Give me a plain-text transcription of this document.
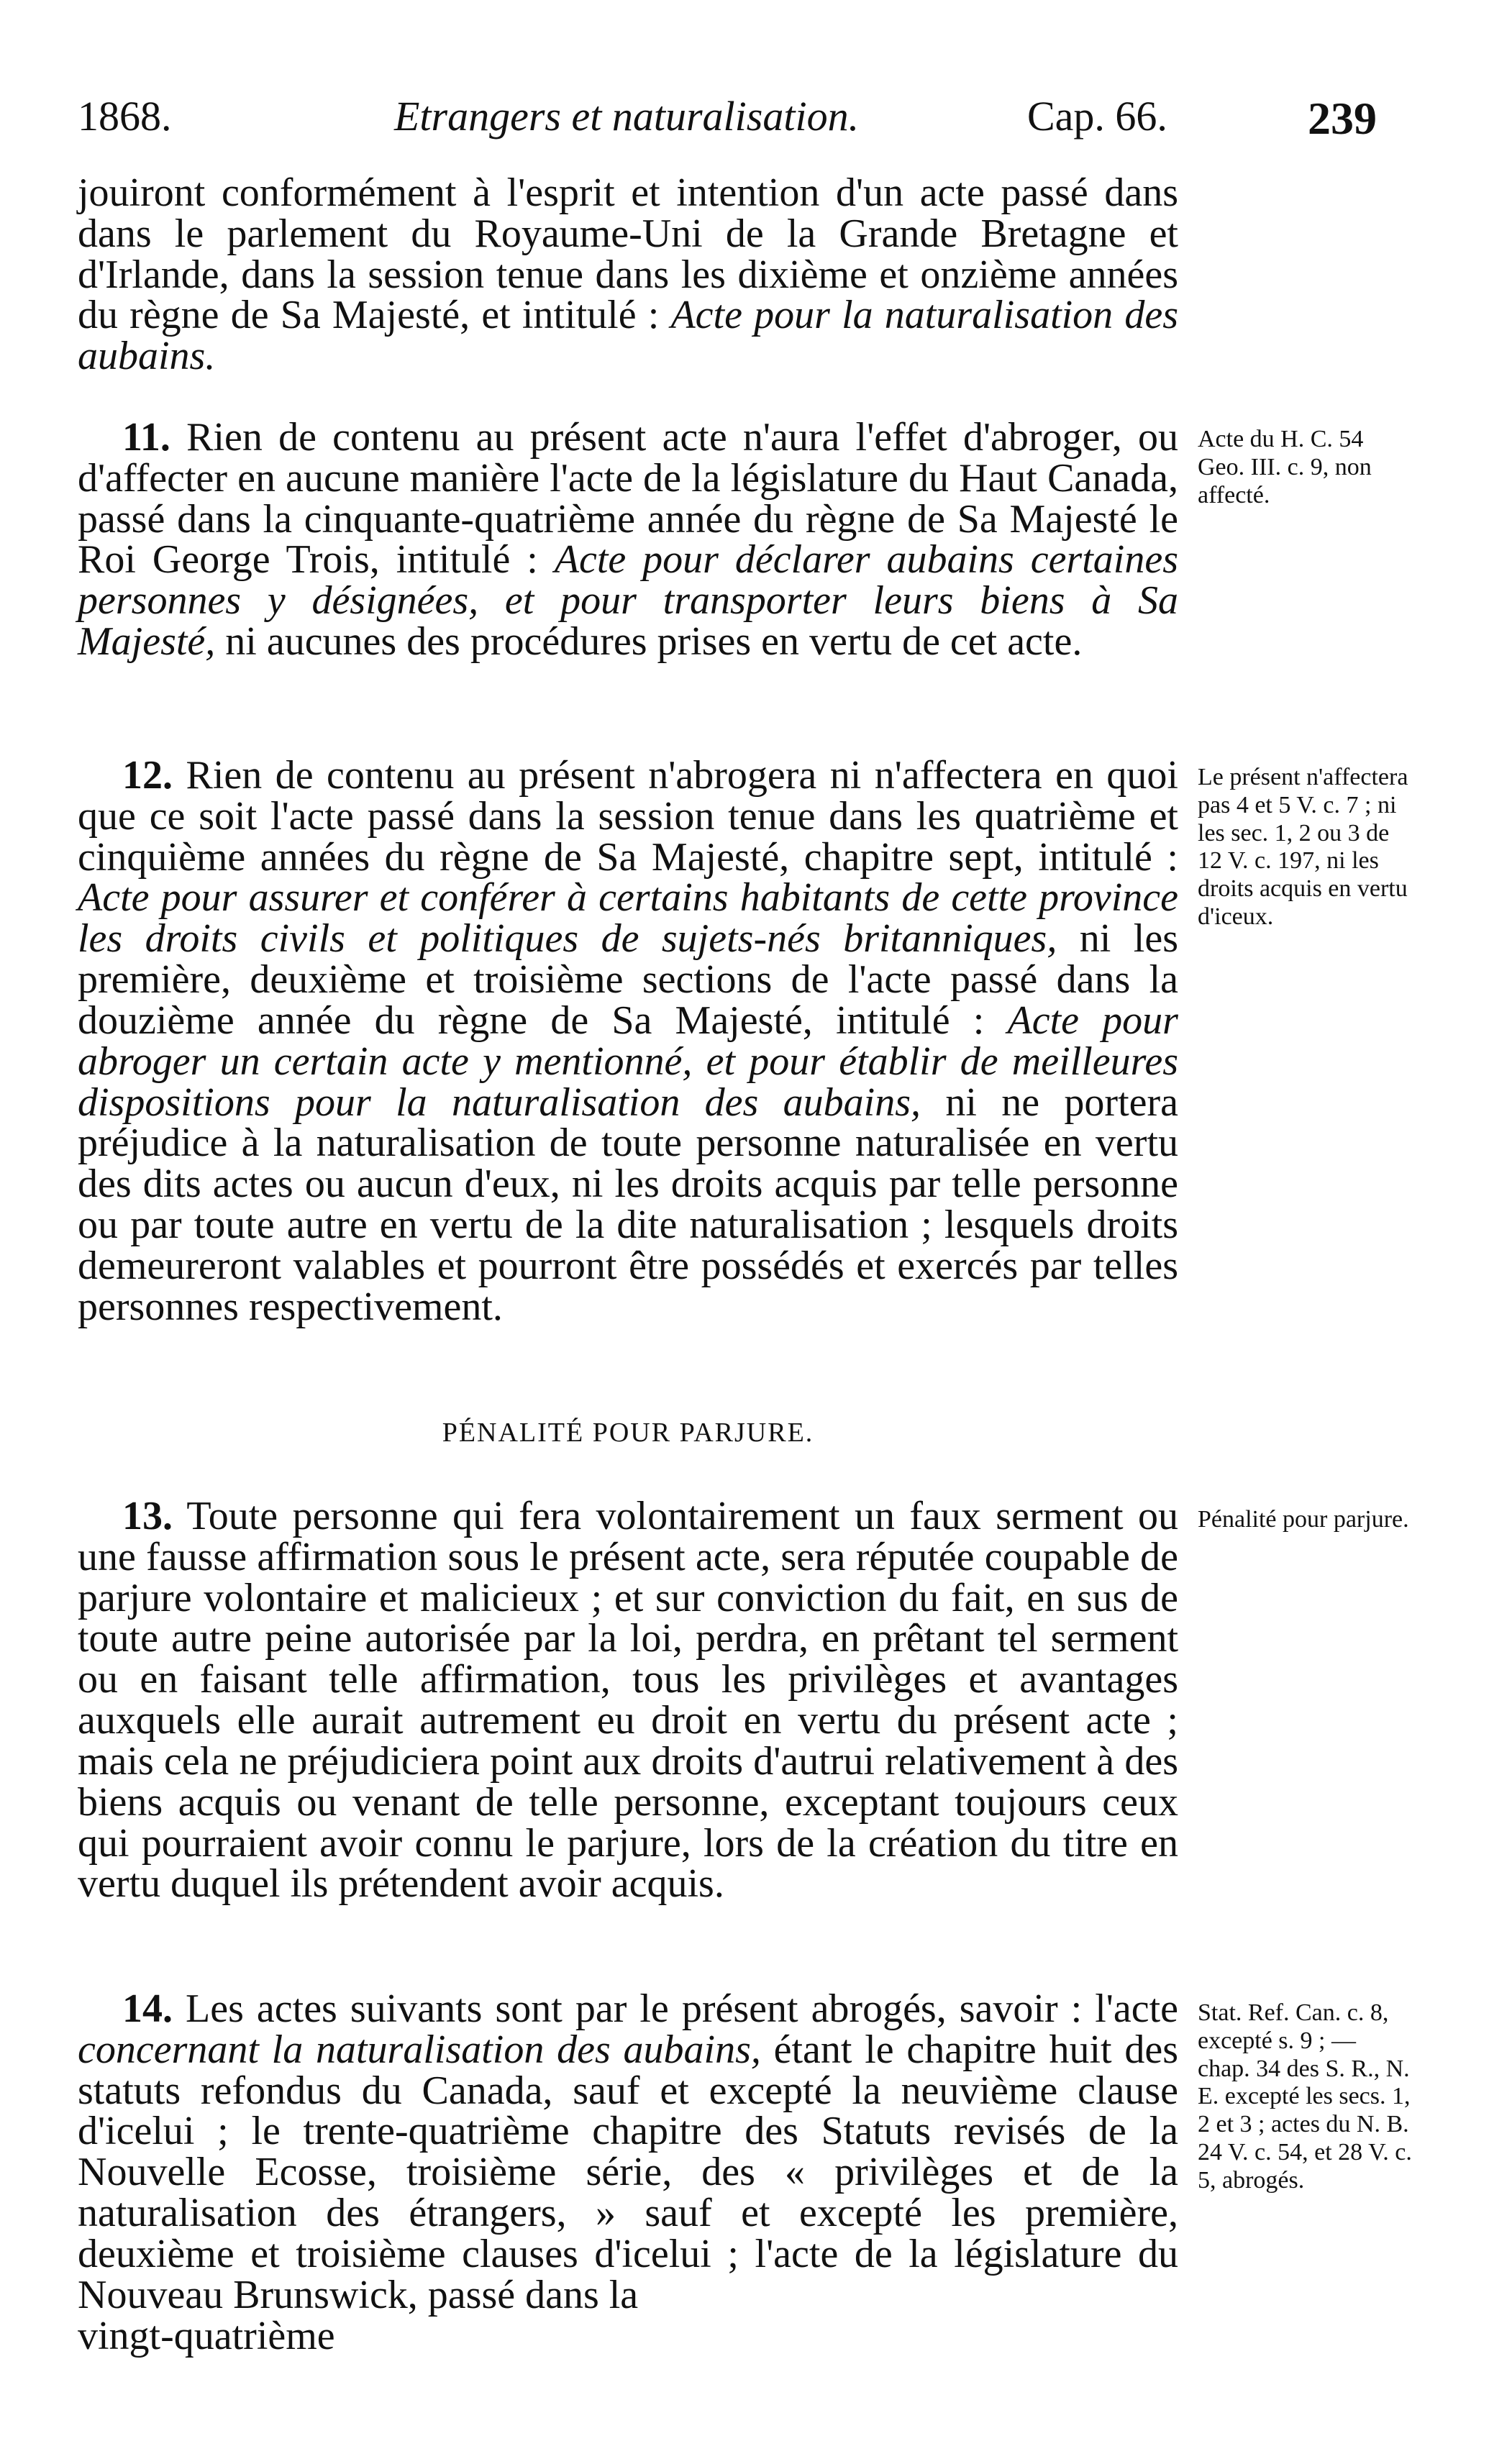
1868.	Etrangers et naturalisation.	Cap. 66.	239

jouiront conformément à l'esprit et intention d'un acte passé dans dans le parlement du Royaume-Uni de la Grande Bretagne et d'Irlande, dans la session tenue dans les dixième et onzième années du règne de Sa Majesté, et intitulé : Acte pour la naturalisation des aubains.

11. Rien de contenu au présent acte n'aura l'effet d'abroger, ou d'affecter en aucune manière l'acte de la législature du Haut Canada, passé dans la cinquante-quatrième année du règne de Sa Majesté le Roi George Trois, intitulé : Acte pour déclarer aubains certaines personnes y désignées, et pour transporter leurs biens à Sa Majesté, ni aucunes des procédures prises en vertu de cet acte.

Acte du H. C. 54 Geo. III. c. 9, non affecté.

12. Rien de contenu au présent n'abrogera ni n'affectera en quoi que ce soit l'acte passé dans la session tenue dans les quatrième et cinquième années du règne de Sa Majesté, chapitre sept, intitulé : Acte pour assurer et conférer à certains habitants de cette province les droits civils et politiques de sujets-nés britanniques, ni les première, deuxième et troisième sections de l'acte passé dans la douzième année du règne de Sa Majesté, intitulé : Acte pour abroger un certain acte y mentionné, et pour établir de meilleures dispositions pour la naturalisation des aubains, ni ne portera préjudice à la naturalisation de toute personne naturalisée en vertu des dits actes ou aucun d'eux, ni les droits acquis par telle personne ou par toute autre en vertu de la dite naturalisation ; lesquels droits demeureront valables et pourront être possédés et exercés par telles personnes respectivement.

Le présent n'affectera pas 4 et 5 V. c. 7 ; ni les sec. 1, 2 ou 3 de 12 V. c. 197, ni les droits acquis en vertu d'iceux.
PÉNALITÉ POUR PARJURE.

13. Toute personne qui fera volontairement un faux serment ou une fausse affirmation sous le présent acte, sera réputée coupable de parjure volontaire et malicieux ; et sur conviction du fait, en sus de toute autre peine autorisée par la loi, perdra, en prêtant tel serment ou en faisant telle affirmation, tous les privilèges et avantages auxquels elle aurait autrement eu droit en vertu du présent acte ; mais cela ne préjudiciera point aux droits d'autrui relativement à des biens acquis ou venant de telle personne, exceptant toujours ceux qui pourraient avoir connu le parjure, lors de la création du titre en vertu duquel ils prétendent avoir acquis.

Pénalité pour parjure.

14. Les actes suivants sont par le présent abrogés, savoir : l'acte concernant la naturalisation des aubains, étant le chapitre huit des statuts refondus du Canada, sauf et excepté la neuvième clause d'icelui ; le trente-quatrième chapitre des Statuts revisés de la Nouvelle Ecosse, troisième série, des « privilèges et de la naturalisation des étrangers, » sauf et excepté les première, deuxième et troisième clauses d'icelui ; l'acte de la législature du Nouveau Brunswick, passé dans la

vingt-quatrième

Stat. Ref. Can. c. 8, excepté s. 9 ; — chap. 34 des S. R., N. E. excepté les secs. 1, 2 et 3 ; actes du N. B. 24 V. c. 54, et 28 V. c. 5, abrogés.
